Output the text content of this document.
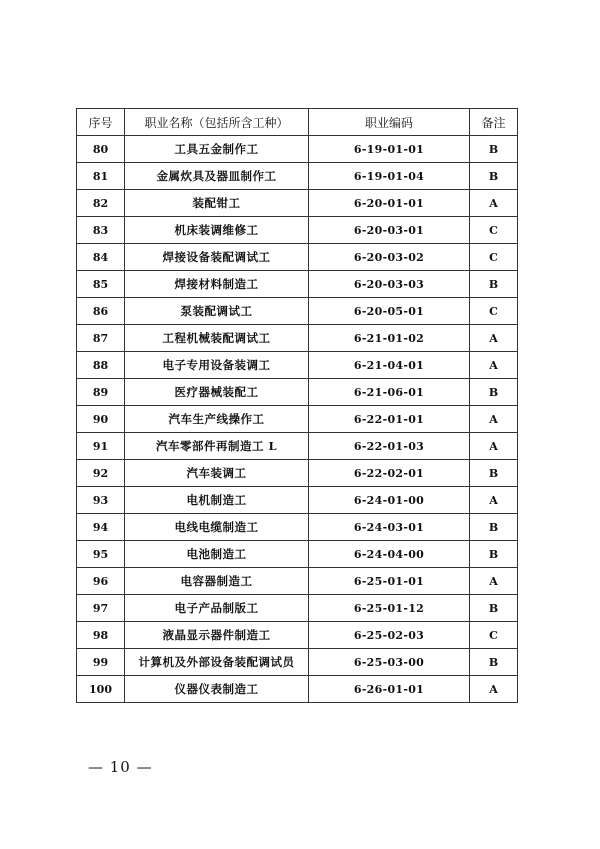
序号	职业名称（包括所含工种）	职业编码	备注
80	工具五金制作工	6-19-01-01	B
81	金属炊具及器皿制作工	6-19-01-04	B
82	装配钳工	6-20-01-01	A
83	机床装调维修工	6-20-03-01	C
84	焊接设备装配调试工	6-20-03-02	C
85	焊接材料制造工	6-20-03-03	B
86	泵装配调试工	6-20-05-01	C
87	工程机械装配调试工	6-21-01-02	A
88	电子专用设备装调工	6-21-04-01	A
89	医疗器械装配工	6-21-06-01	B
90	汽车生产线操作工	6-22-01-01	A
91	汽车零部件再制造工 L	6-22-01-03	A
92	汽车装调工	6-22-02-01	B
93	电机制造工	6-24-01-00	A
94	电线电缆制造工	6-24-03-01	B
95	电池制造工	6-24-04-00	B
96	电容器制造工	6-25-01-01	A
97	电子产品制版工	6-25-01-12	B
98	液晶显示器件制造工	6-25-02-03	C
99	计算机及外部设备装配调试员	6-25-03-00	B
100	仪器仪表制造工	6-26-01-01	A
— 10 —
